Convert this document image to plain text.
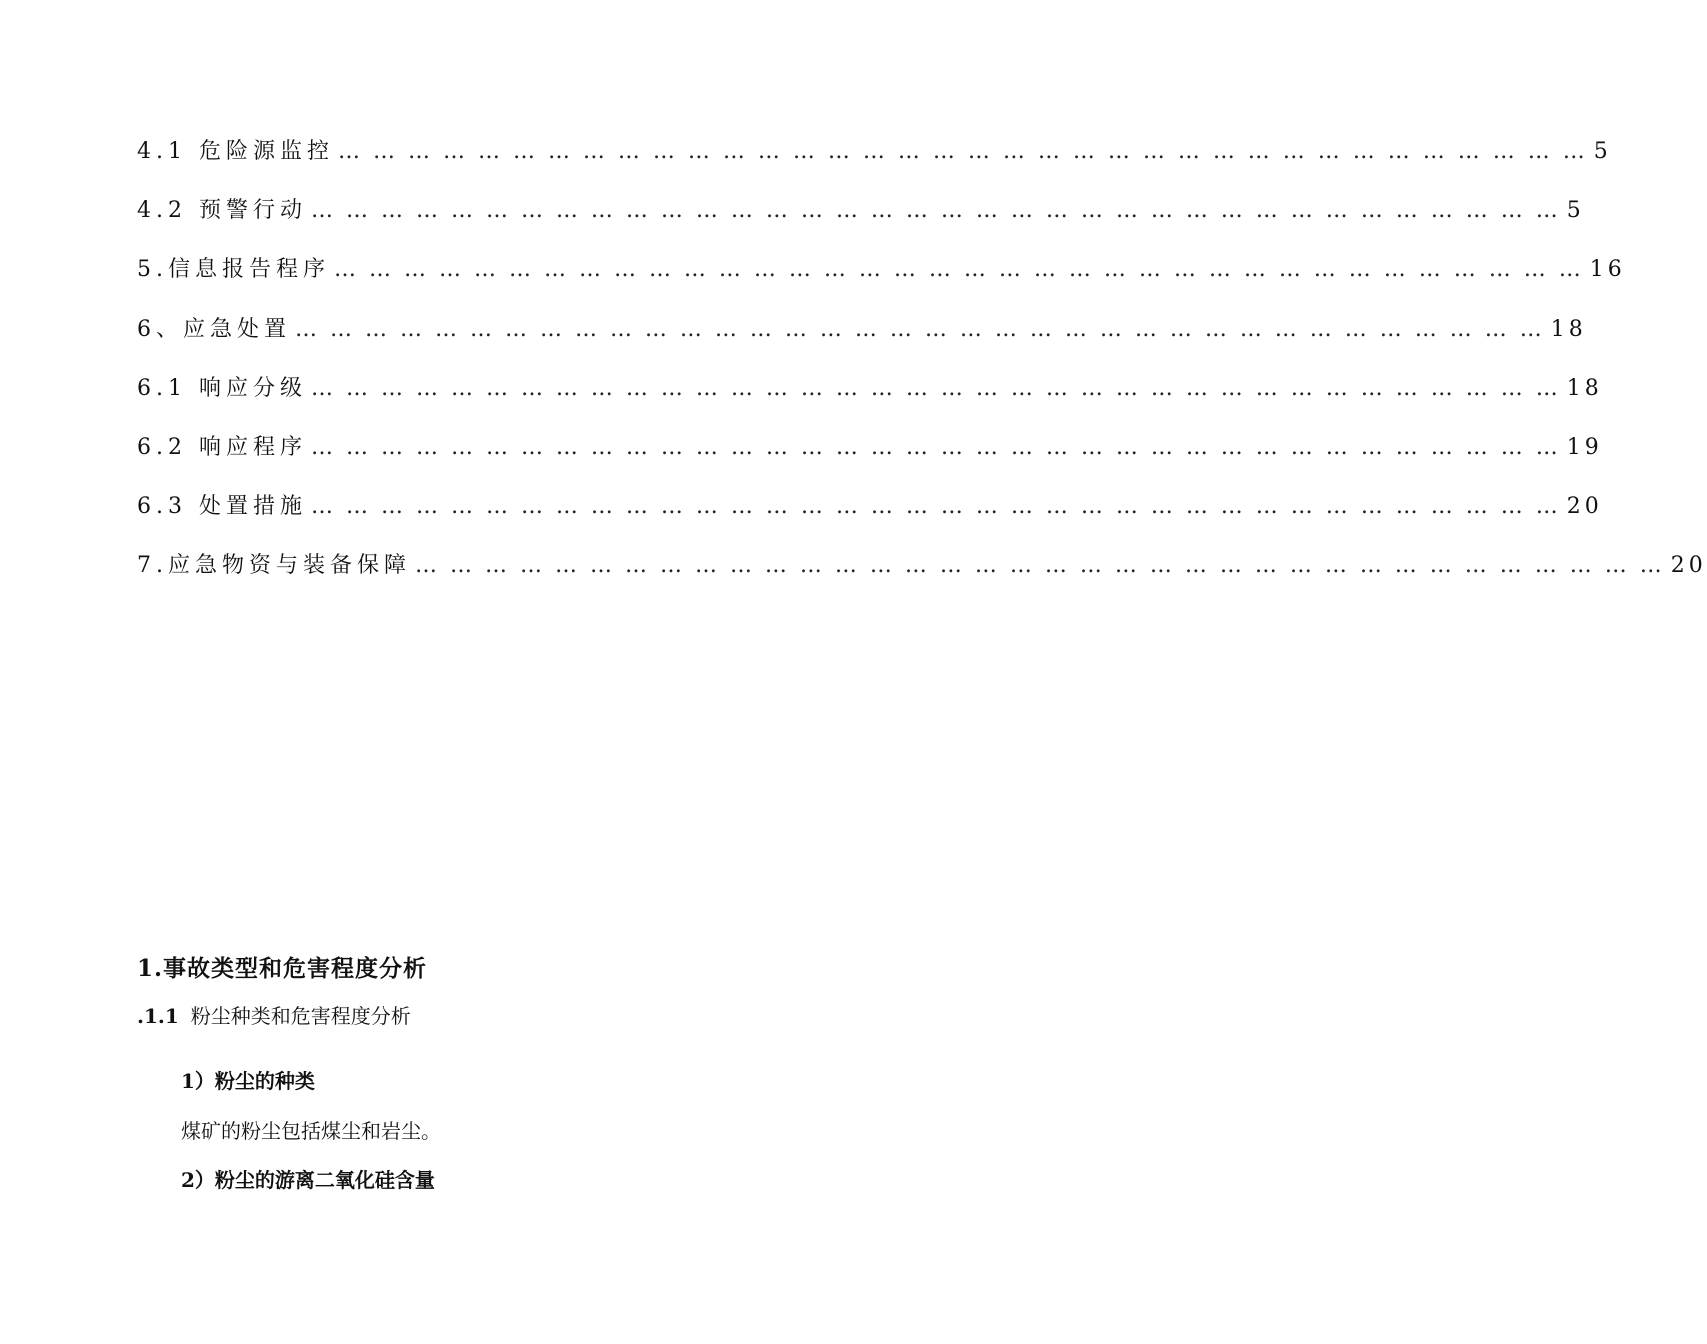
4.1 危险源监控 … … … … … … … … … … … … … … … … … … … … … … … … … … … … … … … … … … … … 5
4.2 预警行动 … … … … … … … … … … … … … … … … … … … … … … … … … … … … … … … … … … … … 5
5.信息报告程序 … … … … … … … … … … … … … … … … … … … … … … … … … … … … … … … … … … … … 16
6、应急处置 … … … … … … … … … … … … … … … … … … … … … … … … … … … … … … … … … … … … 18
6.1 响应分级 … … … … … … … … … … … … … … … … … … … … … … … … … … … … … … … … … … … … 18
6.2 响应程序 … … … … … … … … … … … … … … … … … … … … … … … … … … … … … … … … … … … … 19
6.3 处置措施 … … … … … … … … … … … … … … … … … … … … … … … … … … … … … … … … … … … … 20
7.应急物资与装备保障 … … … … … … … … … … … … … … … … … … … … … … … … … … … … … … … … … … … … 20
1.事故类型和危害程度分析
.1.1 粉尘种类和危害程度分析
1）粉尘的种类
煤矿的粉尘包括煤尘和岩尘。
2）粉尘的游离二氧化硅含量
